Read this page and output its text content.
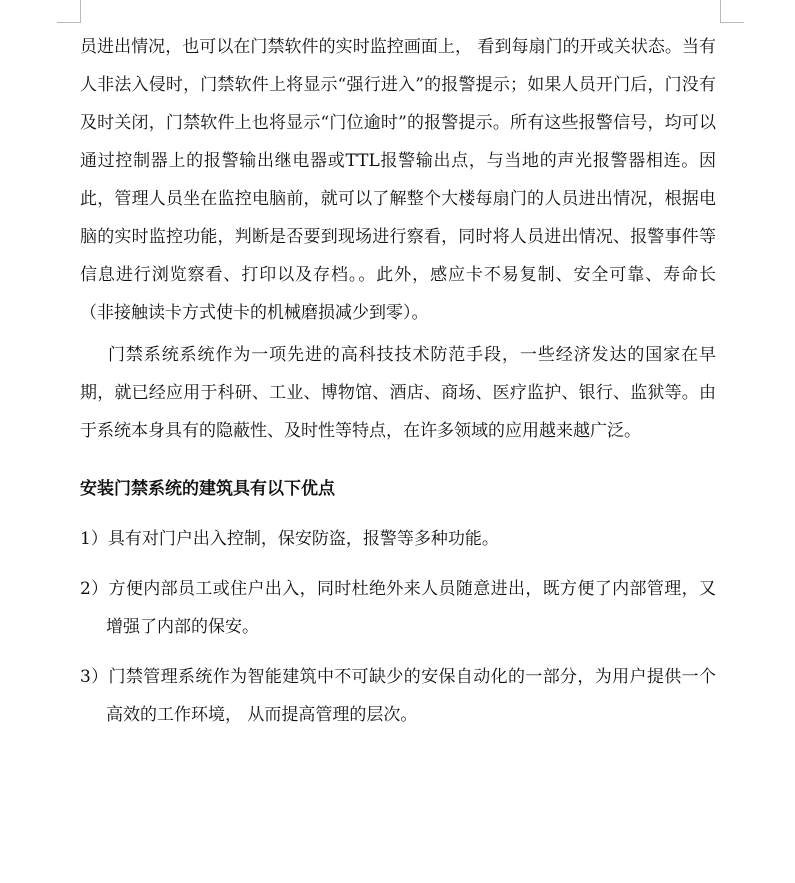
员进出情况，也可以在门禁软件的实时监控画面上， 看到每扇门的开或关状态。当有人非法入侵时，门禁软件上将显示“强行进入”的报警提示；如果人员开门后，门没有及时关闭，门禁软件上也将显示“门位逾时”的报警提示。所有这些报警信号，均可以通过控制器上的报警输出继电器或TTL报警输出点，与当地的声光报警器相连。因此，管理人员坐在监控电脑前，就可以了解整个大楼每扇门的人员进出情况，根据电脑的实时监控功能，判断是否要到现场进行察看，同时将人员进出情况、报警事件等信息进行浏览察看、打印以及存档。。此外，感应卡不易复制、安全可靠、寿命长（非接触读卡方式使卡的机械磨损减少到零）。

门禁系统系统作为一项先进的高科技技术防范手段，一些经济发达的国家在早期，就已经应用于科研、工业、博物馆、酒店、商场、医疗监护、银行、监狱等。由于系统本身具有的隐蔽性、及时性等特点，在许多领域的应用越来越广泛。

安装门禁系统的建筑具有以下优点

1）具有对门户出入控制，保安防盗，报警等多种功能。

2）方便内部员工或住户出入，同时杜绝外来人员随意进出，既方便了内部管理，又增强了内部的保安。

3）门禁管理系统作为智能建筑中不可缺少的安保自动化的一部分，为用户提供一个高效的工作环境， 从而提高管理的层次。
